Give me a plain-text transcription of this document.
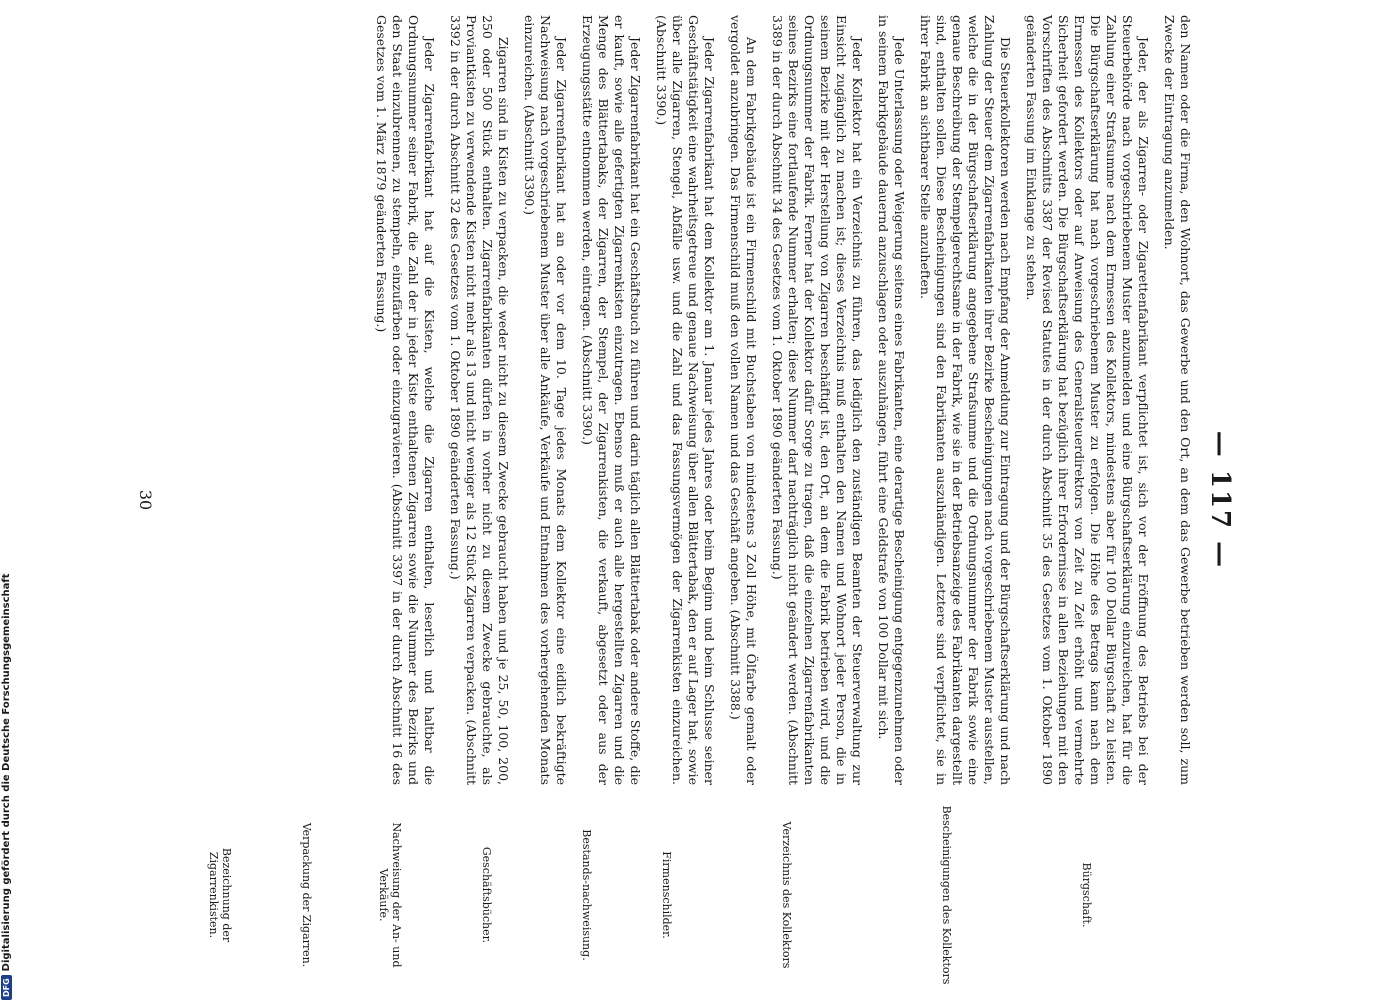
— 117 —

den Namen oder die Firma, den Wohnort, das Gewerbe und den Ort, an dem das Gewerbe betrieben werden soll, zum Zwecke der Eintragung anzumelden.

Jeder, der als Zigarren- oder Zigarettenfabrikant verpflichtet ist, sich vor der Eröffnung des Betriebs bei der Steuerbehörde nach vorgeschriebenem Muster anzumelden und eine Bürgschaftserklärung einzureichen, hat für die Zahlung einer Strafsumme nach dem Ermessen des Kollektors, mindestens aber für 100 Dollar Bürgschaft zu leisten. Die Bürgschaftserklärung hat nach vorgeschriebenem Muster zu erfolgen. Die Höhe des Betrags kann nach dem Ermessen des Kollektors oder auf Anweisung des Generalsteuerdirektors von Zeit zu Zeit erhöht und vermehrte Sicherheit gefordert werden. Die Bürgschaftserklärung hat bezüglich ihrer Erfordernisse in allen Beziehungen mit den Vorschriften des Abschnitts 3387 der Revised Statutes in der durch Abschnitt 35 des Gesetzes vom 1. Oktober 1890 geänderten Fassung im Einklange zu stehen.

Die Steuerkollektoren werden nach Empfang der Anmeldung zur Eintragung und der Bürgschaftserklärung und nach Zahlung der Steuer dem Zigarrenfabrikanten ihrer Bezirke Bescheinigungen nach vorgeschriebenem Muster ausstellen, welche die in der Bürgschaftserklärung angegebene Strafsumme und die Ordnungsnummer der Fabrik sowie eine genaue Beschreibung der Stempelgerechtsame in der Fabrik, wie sie in der Betriebsanzeige des Fabrikanten dargestellt sind, enthalten sollen. Diese Bescheinigungen sind den Fabrikanten auszuhändigen. Letztere sind verpflichtet, sie in ihrer Fabrik an sichtbarer Stelle anzuheften.

Jede Unterlassung oder Weigerung seitens eines Fabrikanten, eine derartige Bescheinigung entgegenzunehmen oder in seinem Fabrikgebäude dauernd anzuschlagen oder auszuhängen, führt eine Geldstrafe von 100 Dollar mit sich.

Jeder Kollektor hat ein Verzeichnis zu führen, das lediglich den zuständigen Beamten der Steuerverwaltung zur Einsicht zugänglich zu machen ist; dieses Verzeichnis muß enthalten den Namen und Wohnort jeder Person, die in seinem Bezirke mit der Herstellung von Zigarren beschäftigt ist, den Ort, an dem die Fabrik betrieben wird, und die Ordnungsnummer der Fabrik. Ferner hat der Kollektor dafür Sorge zu tragen, daß die einzelnen Zigarrenfabrikanten seines Bezirks eine fortlaufende Nummer erhalten; diese Nummer darf nachträglich nicht geändert werden. (Abschnitt 3389 in der durch Abschnitt 34 des Gesetzes vom 1. Oktober 1890 geänderten Fassung.)

An dem Fabrikgebäude ist ein Firmenschild mit Buchstaben von mindestens 3 Zoll Höhe, mit Ölfarbe gemalt oder vergoldet anzubringen. Das Firmenschild muß den vollen Namen und das Geschäft angeben. (Abschnitt 3388.)

Jeder Zigarrenfabrikant hat dem Kollektor am 1. Januar jedes Jahres oder beim Beginn und beim Schlusse seiner Geschäftstätigkeit eine wahrheitsgetreue und genaue Nachweisung über allen Blättertabak, den er auf Lager hat, sowie über alle Zigarren, Stengel, Abfälle usw. und die Zahl und das Fassungsvermögen der Zigarrenkisten einzureichen. (Abschnitt 3390.)

Jeder Zigarrenfabrikant hat ein Geschäftsbuch zu führen und darin täglich allen Blättertabak oder andere Stoffe, die er kauft, sowie alle gefertigten Zigarrenkisten einzutragen. Ebenso muß er auch alle hergestellten Zigarren und die Menge des Blättertabaks, der Zigarren, der Stempel, der Zigarrenkisten, die verkauft, abgesetzt oder aus der Erzeugungsstätte entnommen werden, eintragen. (Abschnitt 3390.)

Jeder Zigarrenfabrikant hat an oder vor dem 10. Tage jedes Monats dem Kollektor eine eidlich bekräftigte Nachweisung nach vorgeschriebenem Muster über alle Ankäufe, Verkäufe und Entnahmen des vorhergehenden Monats einzureichen. (Abschnitt 3390.)

Zigarren sind in Kisten zu verpacken, die weder nicht zu diesem Zwecke gebraucht haben und je 25, 50, 100, 200, 250 oder 500 Stück enthalten. Zigarrenfabrikanten dürfen in vorher nicht zu diesem Zwecke gebrauchte, als Proviantkisten zu verwendende Kisten nicht mehr als 13 und nicht weniger als 12 Stück Zigarren verpacken. (Abschnitt 3392 in der durch Abschnitt 32 des Gesetzes vom 1. Oktober 1890 geänderten Fassung.)

Jeder Zigarrenfabrikant hat auf die Kisten, welche die Zigarren enthalten, leserlich und haltbar die Ordnungsnummer seiner Fabrik, die Zahl der in jeder Kiste enthaltenen Zigarren sowie die Nummer des Bezirks und den Staat einzubrennen, zu stempeln, einzufärben oder einzugravieren. (Abschnitt 3397 in der durch Abschnitt 16 des Gesetzes vom 1. März 1879 geänderten Fassung.)

Bürgschaft.
Bescheinigungen des Kollektors
Verzeichnis des Kollektors
Firmenschilder.
Bestands-nachweisung.
Geschäftsbücher.
Nachweisung der An- und Verkäufe.
Verpackung der Zigarren.
Bezeichnung der Zigarrenkisten.
30
DFGDigitalisierung gefördert durch die Deutsche Forschungsgemeinschaft
